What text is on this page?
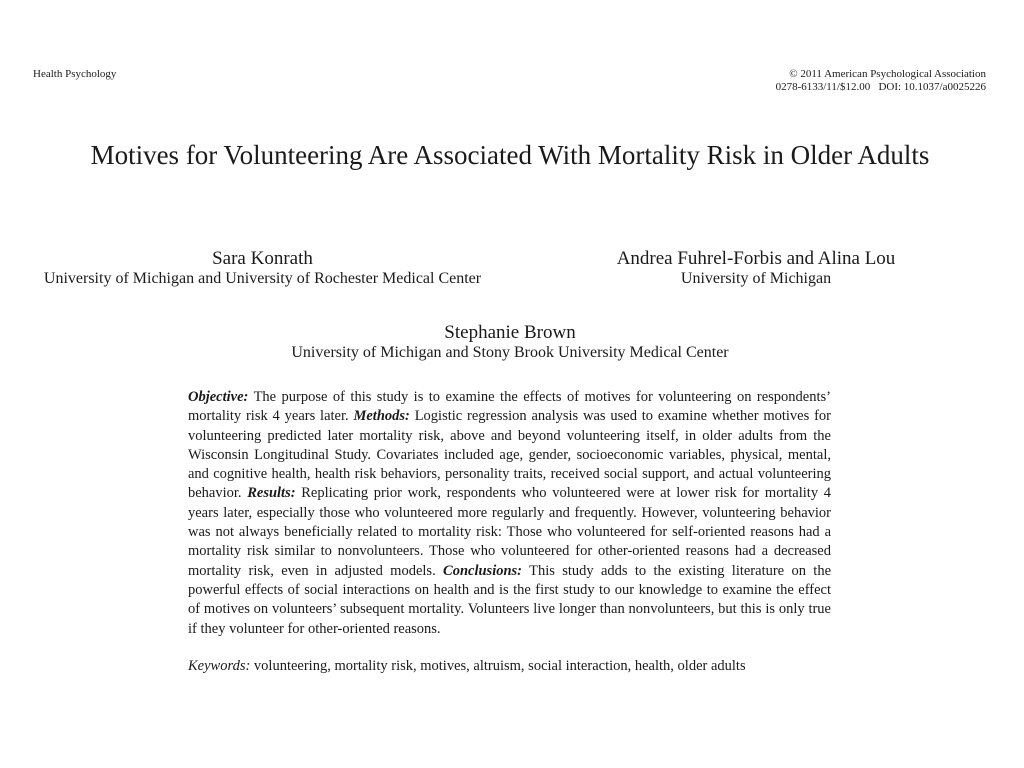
Health Psychology	© 2011 American Psychological Association
0278-6133/11/$12.00   DOI: 10.1037/a0025226
Motives for Volunteering Are Associated With Mortality Risk in Older Adults
Sara Konrath
University of Michigan and University of Rochester Medical Center
Andrea Fuhrel-Forbis and Alina Lou
University of Michigan
Stephanie Brown
University of Michigan and Stony Brook University Medical Center

Objective: The purpose of this study is to examine the effects of motives for volunteering on respondents’ mortality risk 4 years later. Methods: Logistic regression analysis was used to examine whether motives for volunteering predicted later mortality risk, above and beyond volunteering itself, in older adults from the Wisconsin Longitudinal Study. Covariates included age, gender, socioeconomic variables, physical, mental, and cognitive health, health risk behaviors, personality traits, received social support, and actual volunteering behavior. Results: Replicating prior work, respondents who volunteered were at lower risk for mortality 4 years later, especially those who volunteered more regularly and frequently. However, volunteering behavior was not always beneficially related to mortality risk: Those who volunteered for self-oriented reasons had a mortality risk similar to nonvolunteers. Those who volunteered for other-oriented reasons had a decreased mortality risk, even in adjusted models. Conclusions: This study adds to the existing literature on the powerful effects of social interactions on health and is the first study to our knowledge to examine the effect of motives on volunteers’ subsequent mortality. Volunteers live longer than nonvolunteers, but this is only true if they volunteer for other-oriented reasons.

Keywords: volunteering, mortality risk, motives, altruism, social interaction, health, older adults
